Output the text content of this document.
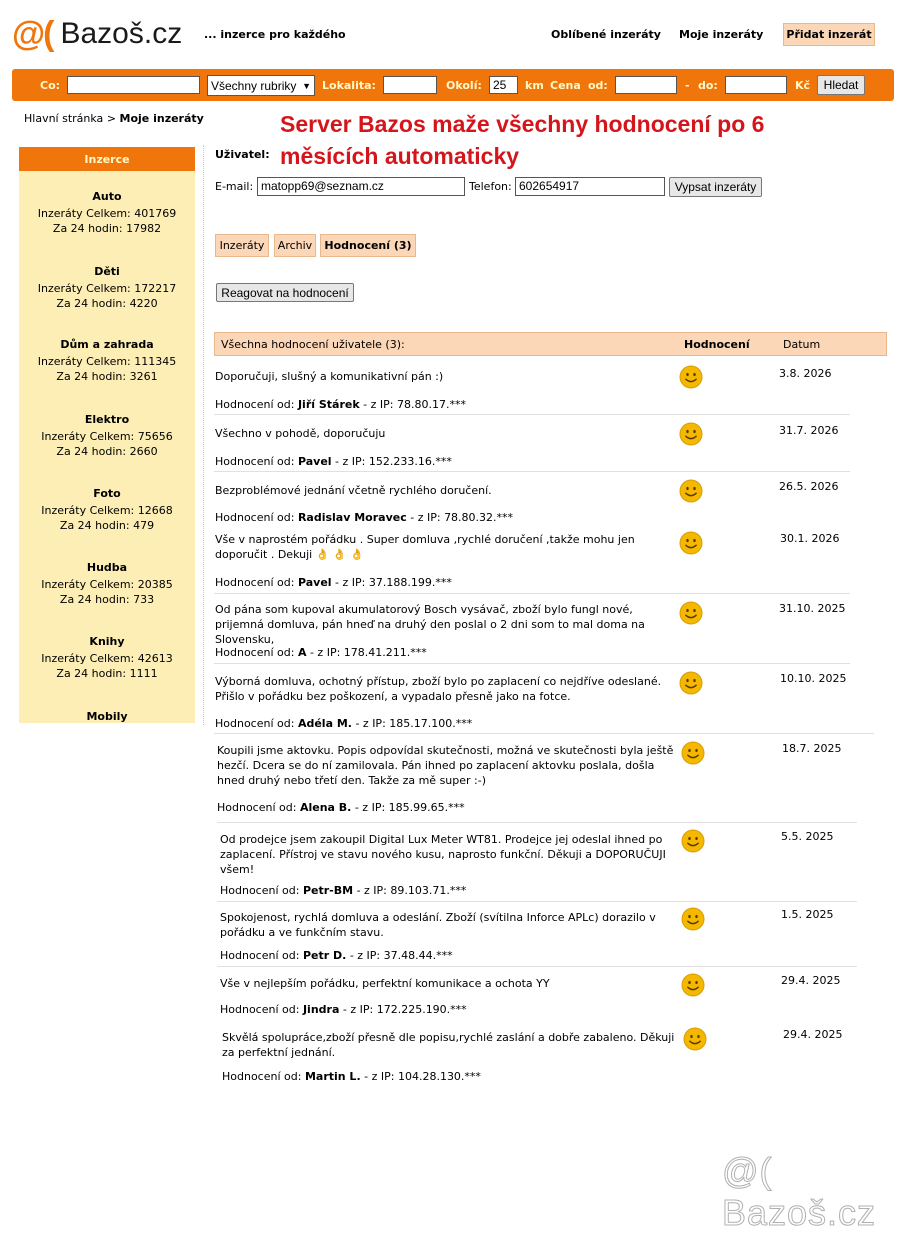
@( Bazoš.cz ... inzerce pro každého	Oblíbené inzeráty Moje inzeráty	Přidat inzerát
Co:	Všechny rubriky ▼ Lokalita:	Okolí: 25	km Cena od:	- do:	Kč	Hledat
Hlavní stránka > Moje inzeráty	Server Bazos maže všechny hodnocení po 6 měsících automaticky
Inzerce
Auto
Inzeráty Celkem: 401769
Za 24 hodin: 17982
Děti
Inzeráty Celkem: 172217
Za 24 hodin: 4220
Dům a zahrada
Inzeráty Celkem: 111345
Za 24 hodin: 3261
Elektro
Inzeráty Celkem: 75656
Za 24 hodin: 2660
Foto
Inzeráty Celkem: 12668
Za 24 hodin: 479
Hudba
Inzeráty Celkem: 20385
Za 24 hodin: 733
Knihy
Inzeráty Celkem: 42613
Za 24 hodin: 1111
Mobily
Uživatel:
E-mail: matopp69@seznam.cz	Telefon: 602654917	Vypsat inzeráty
Inzeráty	Archiv	Hodnocení (3)
Reagovat na hodnocení
Všechna hodnocení uživatele (3):	Hodnocení	Datum
Doporučuji, slušný a komunikativní pán :)
Hodnocení od: Jiří Stárek - z IP: 78.80.17.***
3.8. 2026
Všechno v pohodě, doporučuju
Hodnocení od: Pavel - z IP: 152.233.16.***
31.7. 2026
Bezproblémové jednání včetně rychlého doručení.
Hodnocení od: Radislav Moravec - z IP: 78.80.32.***
26.5. 2026
Vše v naprostém pořádku . Super domluva ,rychlé doručení ,takže mohu jen doporučit . Dekuji 👌 👌 👌
Hodnocení od: Pavel - z IP: 37.188.199.***
30.1. 2026
Od pána som kupoval akumulatorový Bosch vysávač, zboží bylo fungl nové, prijemná domluva, pán hneď na druhý den poslal o 2 dni som to mal doma na Slovensku,
Hodnocení od: A - z IP: 178.41.211.***
31.10. 2025
Výborná domluva, ochotný přístup, zboží bylo po zaplacení co nejdříve odeslané. Přišlo v pořádku bez poškození, a vypadalo přesně jako na fotce.
Hodnocení od: Adéla M. - z IP: 185.17.100.***
10.10. 2025
Koupili jsme aktovku. Popis odpovídal skutečnosti, možná ve skutečnosti byla ještě hezčí. Dcera se do ní zamilovala. Pán ihned po zaplacení aktovku poslala, došla hned druhý nebo třetí den. Takže za mě super :-)
Hodnocení od: Alena B. - z IP: 185.99.65.***
18.7. 2025
Od prodejce jsem zakoupil Digital Lux Meter WT81. Prodejce jej odeslal ihned po zaplacení. Přístroj ve stavu nového kusu, naprosto funkční. Děkuji a DOPORUČUJI všem!
Hodnocení od: Petr-BM - z IP: 89.103.71.***
5.5. 2025
Spokojenost, rychlá domluva a odeslání. Zboží (svítilna Inforce APLc) dorazilo v pořádku a ve funkčním stavu.
Hodnocení od: Petr D. - z IP: 37.48.44.***
1.5. 2025
Vše v nejlepším pořádku, perfektní komunikace a ochota YY
Hodnocení od: Jindra - z IP: 172.225.190.***
29.4. 2025
Skvělá spolupráce,zboží přesně dle popisu,rychlé zaslání a dobře zabaleno. Děkuji za perfektní jednání.
Hodnocení od: Martin L. - z IP: 104.28.130.***
29.4. 2025
@( Bazoš.cz
